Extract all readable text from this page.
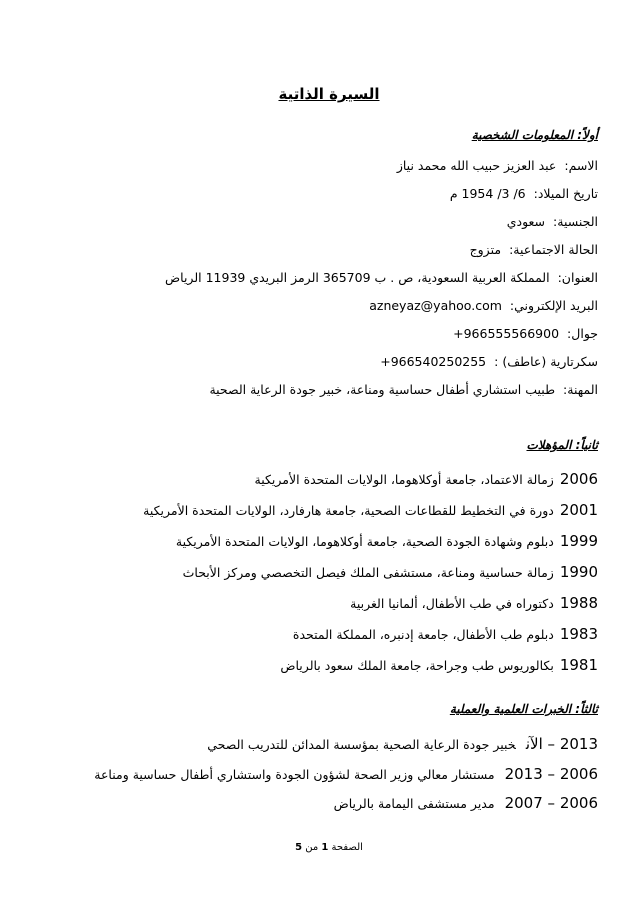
السيرة الذاتية
أولاً: المعلومات الشخصية
الاسم:عبد العزيز حبيب الله محمد نياز
تاريخ الميلاد:6/ 3/ 1954 م
الجنسية:سعودي
الحالة الاجتماعية:متزوج
العنوان:المملكة العربية السعودية، ص . ب 365709 الرمز البريدي 11939 الرياض
البريد الإلكتروني:azneyaz@yahoo.com
جوال:+966555566900
سكرتارية (عاطف) :+966540250255
المهنة:طبيب استشاري أطفال حساسية ومناعة، خبير جودة الرعاية الصحية
ثانياً: المؤهلات
2006زمالة الاعتماد، جامعة أوكلاهوما، الولايات المتحدة الأمريكية
2001دورة في التخطيط للقطاعات الصحية، جامعة هارفارد، الولايات المتحدة الأمريكية
1999دبلوم وشهادة الجودة الصحية، جامعة أوكلاهوما، الولايات المتحدة الأمريكية
1990زمالة حساسية ومناعة، مستشفى الملك فيصل التخصصي ومركز الأبحاث
1988دكتوراه في طب الأطفال، ألمانيا الغربية
1983دبلوم طب الأطفال، جامعة إدنبره، المملكة المتحدة
1981بكالوريوس طب وجراحة، جامعة الملك سعود بالرياض
ثالثاً: الخبرات العلمية والعملية
2013 – الآنخبير جودة الرعاية الصحية بمؤسسة المدائن للتدريب الصحي
2006 – 2013مستشار معالي وزير الصحة لشؤون الجودة واستشاري أطفال حساسية ومناعة
2006 – 2007مدير مستشفى اليمامة بالرياض
الصفحة 1 من 5
